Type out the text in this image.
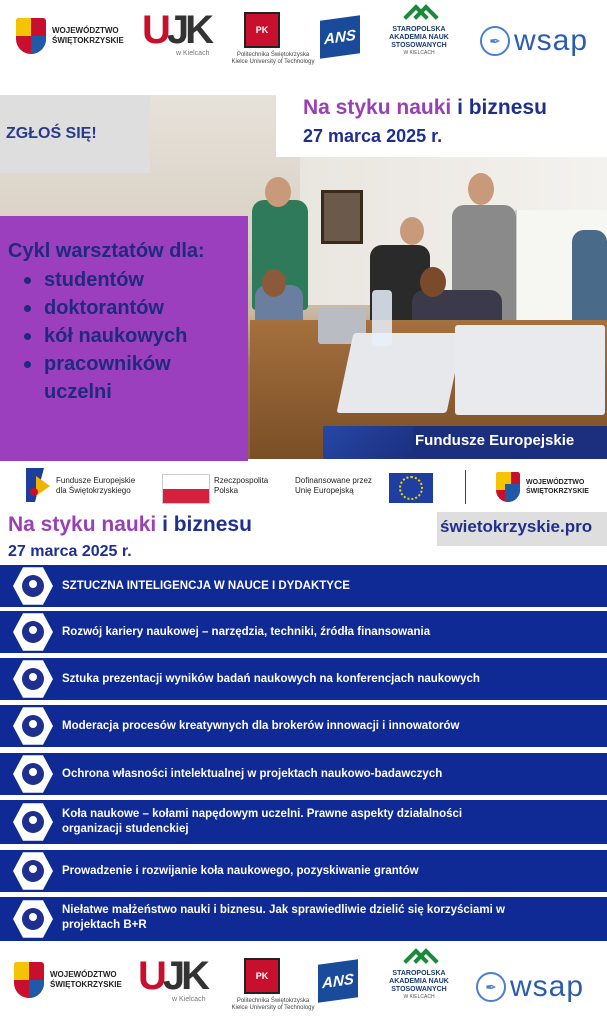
WOJEWÓDZTWO ŚWIĘTOKRZYSKIE UJK
w Kielcach
PK
Politechnika Świętokrzyska Kielce University of Technology
ANS	STAROPOLSKA AKADEMIA NAUK STOSOWANYCH
W KIELCACH
✒ wsap
ZGŁOŚ SIĘ!
Na styku nauki i biznesu
27 marca 2025 r.
Cykl warsztatów dla:
studentów
doktorantów
kół naukowych
pracowników uczelni
Fundusze Europejskie
Fundusze Europejskie
dla Świętokrzyskiego
Rzeczpospolita
Polska
Dofinansowane przez
Unię Europejską
WOJEWÓDZTWO ŚWIĘTOKRZYSKIE
Na styku nauki i biznesu
27 marca 2025 r.
świetokrzyskie.pro
SZTUCZNA INTELIGENCJA W NAUCE I DYDAKTYCE
Rozwój kariery naukowej – narzędzia, techniki, źródła finansowania
Sztuka prezentacji wyników badań naukowych na konferencjach naukowych
Moderacja procesów kreatywnych dla brokerów innowacji i innowatorów
Ochrona własności intelektualnej w projektach naukowo-badawczych
Koła naukowe – kołami napędowym uczelni. Prawne aspekty działalności organizacji studenckiej
Prowadzenie i rozwijanie koła naukowego, pozyskiwanie grantów
Niełatwe małżeństwo nauki i biznesu. Jak sprawiedliwie dzielić się korzyściami w projektach B+R
WOJEWÓDZTWO ŚWIĘTOKRZYSKIE UJK
w Kielcach
PK
Politechnika Świętokrzyska Kielce University of Technology
ANS	STAROPOLSKA AKADEMIA NAUK STOSOWANYCH
W KIELCACH
✒ wsap
